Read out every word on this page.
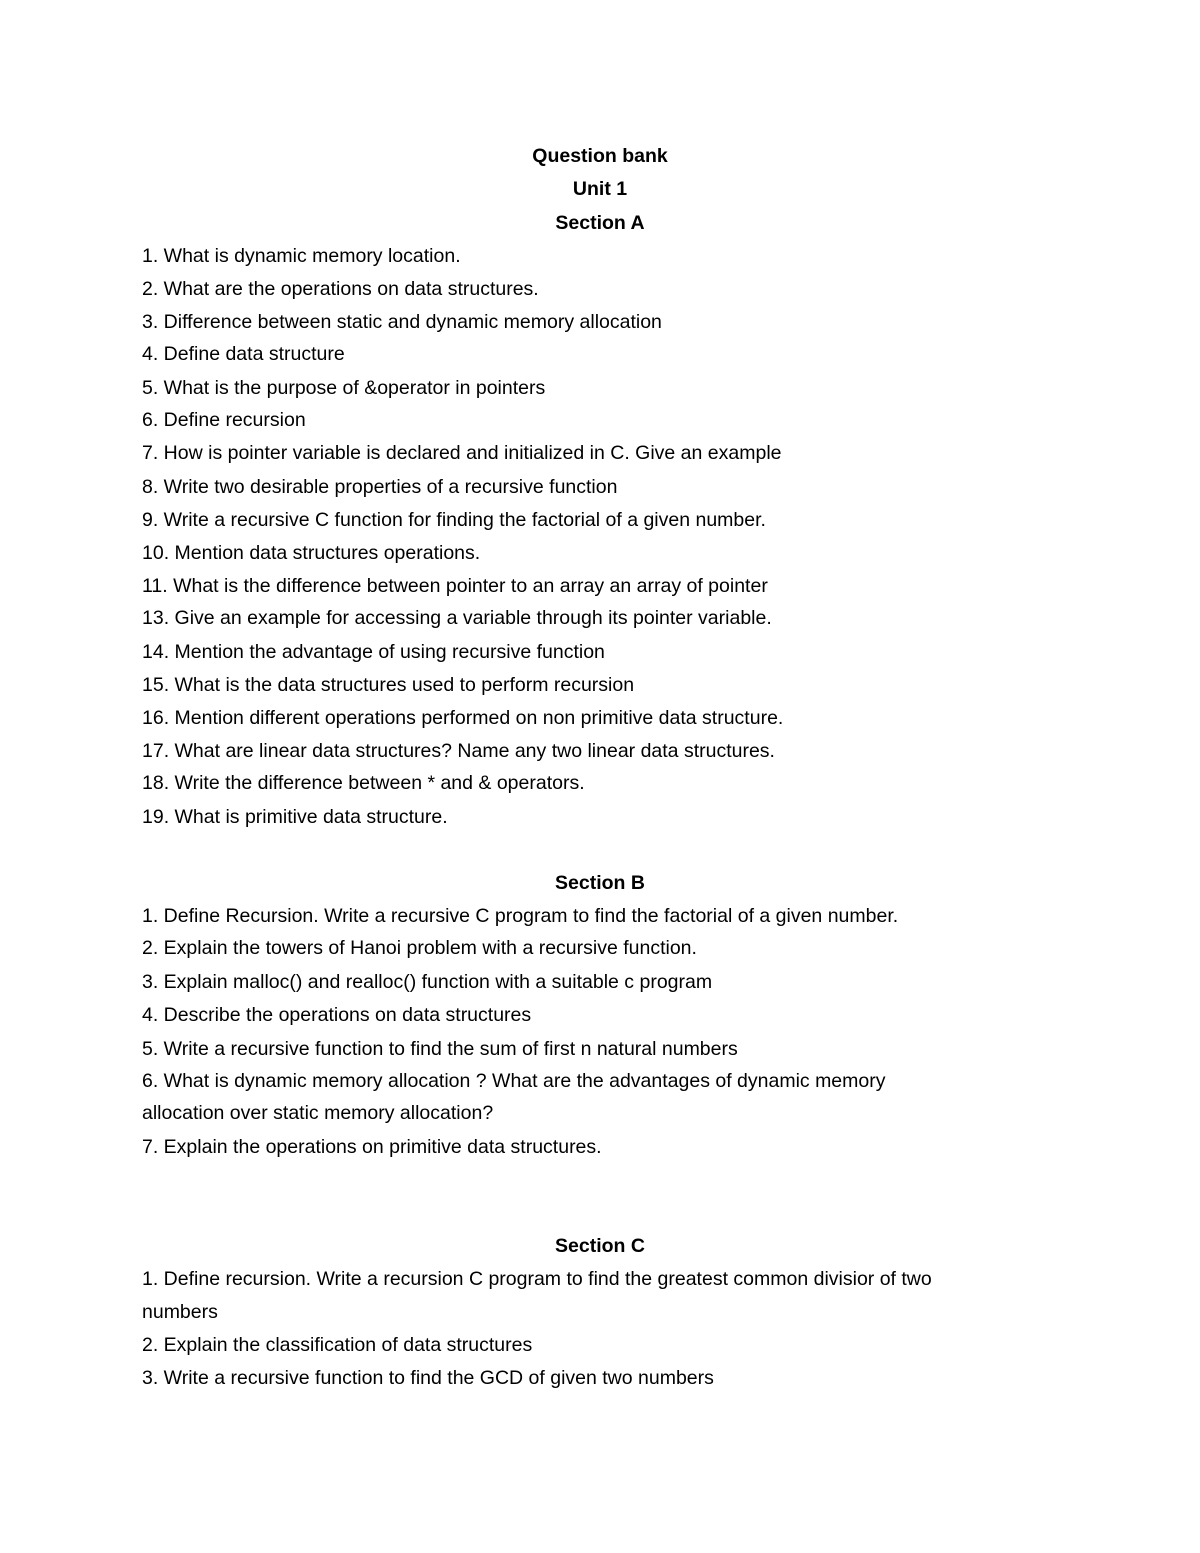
Question bank
Unit 1
Section A
1. What is dynamic memory location.
2. What are the operations on data structures.
3. Difference between static and dynamic memory allocation
4. Define data structure
5. What is the purpose of &operator in pointers
6. Define recursion
7. How is pointer variable is declared and initialized in C. Give an example
8. Write two desirable properties of a recursive function
9. Write a recursive C function for finding the factorial of a given number.
10. Mention data structures operations.
11. What is the difference between pointer to an array an array of pointer
13. Give an example for accessing a variable through its pointer variable.
14. Mention the advantage of using recursive function
15. What is the data structures used to perform recursion
16. Mention different operations performed on non primitive data structure.
17. What are linear data structures? Name any two linear data structures.
18. Write the difference between * and & operators.
19. What is primitive data structure.
Section B
1. Define Recursion. Write a recursive C program to find the factorial of a given number.
2. Explain the towers of Hanoi problem with a recursive function.
3. Explain malloc() and realloc() function with a suitable c program
4. Describe the operations on data structures
5. Write a recursive function to find the sum of first n natural numbers
6. What is dynamic memory allocation ? What are the advantages of dynamic memory
allocation over static memory allocation?
7. Explain the operations on primitive data structures.
Section C
1. Define recursion. Write a recursion C program to find the greatest common divisior of two
numbers
2. Explain the classification of data structures
3. Write a recursive function to find the GCD of given two numbers
